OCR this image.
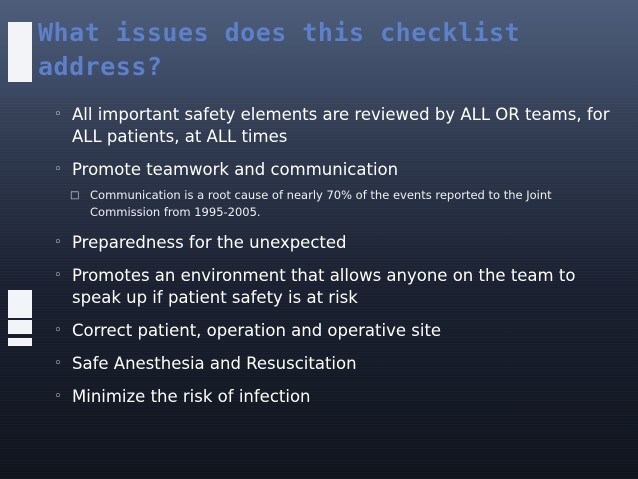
What issues does this checklist address?

◦ All important safety elements are reviewed by ALL OR teams, for ALL patients, at ALL times

◦ Promote teamwork and communication

□ Communication is a root cause of nearly 70% of the events reported to the Joint Commission from 1995-2005.

◦ Preparedness for the unexpected

◦ Promotes an environment that allows anyone on the team to speak up if patient safety is at risk

◦ Correct patient, operation and operative site

◦ Safe Anesthesia and Resuscitation

◦ Minimize the risk of infection
